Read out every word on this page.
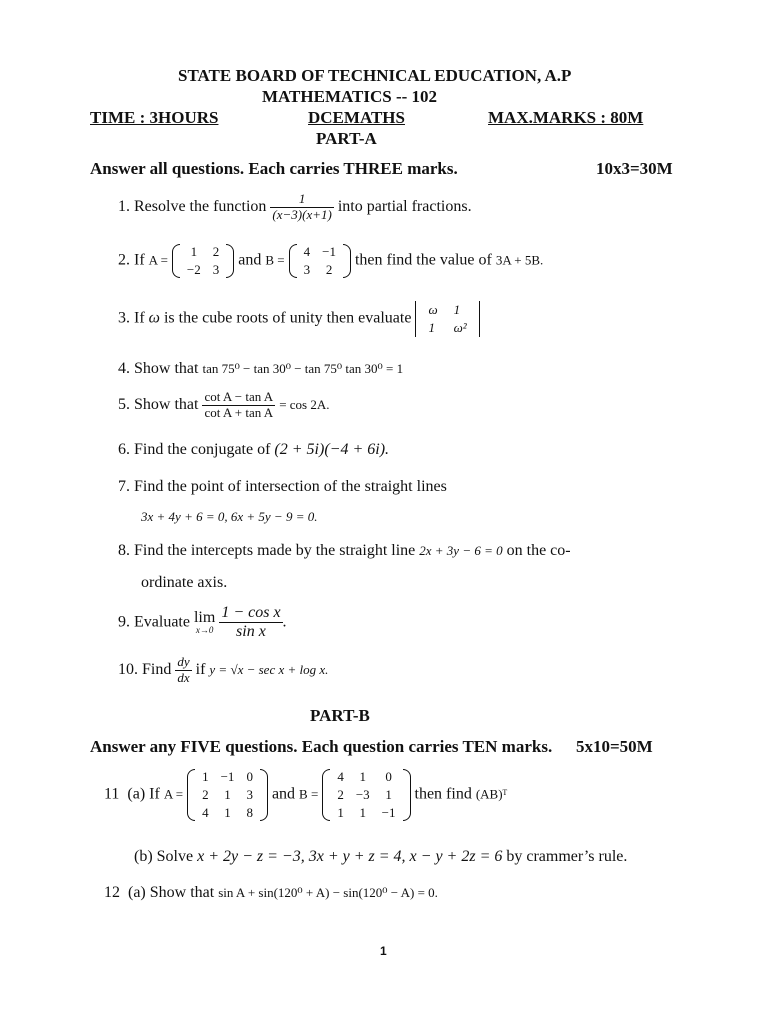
STATE BOARD OF TECHNICAL EDUCATION, A.P
MATHEMATICS -- 102
TIME : 3HOURS	DCEMATHS	MAX.MARKS : 80M
PART-A
Answer all questions. Each carries THREE marks.	10x3=30M
1. Resolve the function $\frac{1}{(x-3)(x+1)}$ into partial fractions.
2. If A =
1	2
−2	3
and B =
4	−1
3	2
then find the value of 3A + 5B.
3. If ω is the cube roots of unity then evaluate
ω	1
1	ω²
4. Show that tan 75⁰ − tan 30⁰ − tan 75⁰ tan 30⁰ = 1
5. Show that $\frac{\text{cot A − tan A}}{\text{cot A + tan A}} = \cos 2A$.
6. Find the conjugate of (2 + 5i)(−4 + 6i).
7. Find the point of intersection of the straight lines
3x + 4y + 6 = 0, 6x + 5y − 9 = 0.
8. Find the intercepts made by the straight line 2x + 3y − 6 = 0 on the co-
ordinate axis.
9. Evaluate lim
x→0
$\frac{\text{1 − cos x}}{\text{sin x}}$ .
10. Find $\frac{dy}{dx}$ if y = √x − sec x + log x.
PART-B
Answer any FIVE questions. Each question carries TEN marks. 5x10=50M
11 (a) If A =
1	−1	0
2	1	3
4	1	8
and B =
4	1	0
2	−3	1
1	1	−1
then find (AB)ᵀ
(b) Solve x + 2y − z = −3, 3x + y + z = 4, x − y + 2z = 6 by crammer’s rule.
12 (a) Show that sin A + sin(120⁰ + A) − sin(120⁰ − A) = 0.
1
